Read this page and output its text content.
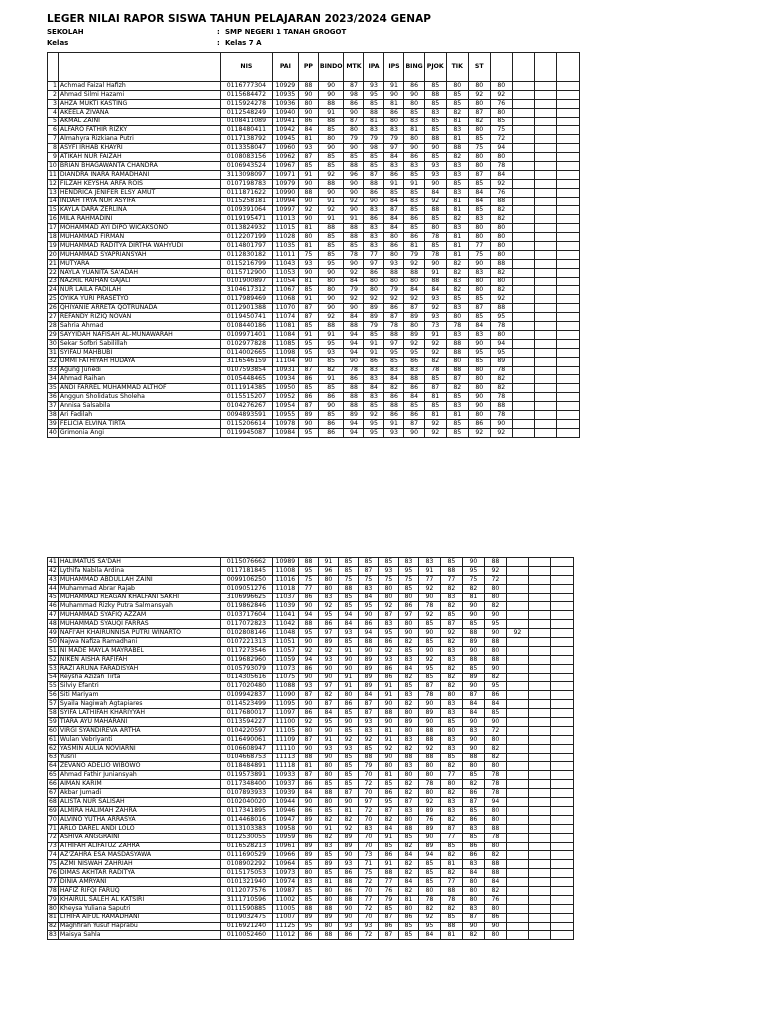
LEGER NILAI RAPOR SISWA TAHUN PELAJARAN 2023/2024 GENAP
SEKOLAH	: SMP NEGERI 1 TANAH GROGOT
Kelas	: Kelas 7 A
		NIS	PAI	PP	BINDO	MTK	IPA	IPS	BING	PJOK	TIK	ST				
1	Achmad Faizal Hafizh	0116777304	10929	88	90	87	93	91	86	85	80	80	80			
2	Ahmad Silmi Hazami	0115684472	10935	90	90	98	95	90	90	88	85	92	92			
3	AHZA MUKTI KASTING	0115924278	10936	80	88	86	85	81	80	85	85	80	76			
4	AKEELA ZIVANA	0112548249	10940	90	91	90	88	86	85	83	82	87	80			
5	AKMAL ZAINI	0108411089	10941	86	88	87	81	80	83	85	81	82	85			
6	ALFARO FATHIR RIZKY	0118480411	10942	84	85	80	83	83	81	85	83	80	75			
7	Almahyra Rizkiana Putri	0117138792	10945	81	80	79	79	79	80	88	81	85	72			
8	ASYFI IRHAB KHAYRI	0113358047	10960	93	90	90	98	97	90	90	88	75	94			
9	ATIKAH NUR FAIZAH	0108083156	10962	87	85	85	85	84	86	85	82	80	80			
10	BRIAN BHAGAWANTA CHANDRA	0106943524	10967	85	85	88	85	83	83	93	83	80	78			
11	DIANDRA INARA RAMADHANI	3113098097	10971	91	92	96	87	86	85	93	83	87	84			
12	FILZAH KEYSHA ARFA ROIS	0107198783	10979	90	88	90	88	91	91	90	85	85	92			
13	HENDRICA JENIFER ELSY AMUT	0111871622	10990	88	90	90	86	85	85	84	83	84	76			
14	INDAH TRYA NUR ASYIFA	0115258181	10994	90	91	92	90	84	83	92	81	84	88			
15	KAYLA DARA ZERLINA	0109391064	10997	92	92	90	83	87	85	88	81	85	82			
16	MILA RAHMADINI	0119195471	11013	90	91	91	86	84	86	85	82	83	82			
17	MOHAMMAD AYI DIPO WICAKSONO	0113824932	11015	81	88	88	83	84	85	80	83	80	80			
18	MUHAMMAD FIRMAN	0112207199	11028	80	85	88	83	80	86	78	81	80	80			
19	MUHAMMAD RADITYA DIRTHA WAHYUDI	0114801797	11035	81	85	85	83	86	81	85	81	77	80			
20	MUHAMMAD SYAPRIANSYAH	0112830182	11011	75	85	78	77	80	79	78	81	75	80			
21	MUTYARA	0115216799	11043	93	95	90	97	93	92	90	82	90	88			
22	NAYLA YUANITA SA'ADAH	0115712900	11053	90	90	92	86	88	88	91	82	83	82			
23	NAZRIL RAIHAN GAJALI	0101900897	11054	81	80	84	80	80	80	88	83	80	80			
24	NUR LAILA FADILAH	3104617312	11067	85	80	79	80	79	84	84	82	80	82			
25	OYIKA YURI PRASETYO	0117989469	11068	91	90	92	92	92	92	93	85	85	92			
26	QHIYANIE ARRETA QOTRUNADA	0112901388	11070	87	90	90	89	86	87	92	83	87	88			
27	REFANDY RIZIQ NOVAN	0119450741	11074	87	92	84	89	87	89	93	80	85	95			
28	Sahria Ahmad	0108440186	11081	85	88	88	79	78	80	73	78	84	78			
29	SAYYIDAH NAFISAH AL-MUNAWARAH	0109971401	11084	91	91	94	85	88	89	91	83	83	80			
30	Sekar Sofbri Sabilillah	0102977828	11085	95	95	94	91	97	92	92	88	90	94			
31	SYIFAU MAHBUBI	0114002665	11098	95	93	94	91	95	95	92	88	95	95			
32	UMMI FATHIYAH HUDAYA	3116546159	11104	90	85	90	86	85	86	82	80	85	89			
33	Agung Junedi	0107593854	10931	87	82	78	83	83	83	78	88	80	78			
34	Ahmad Raihan	0105448465	10934	86	91	86	83	84	88	85	87	80	82			
35	ANDI FARREL MUHAMMAD ALTHOF	0111914385	10950	85	85	88	84	82	86	87	82	80	82			
36	Anggun Sholidatus Sholeha	0115515207	10952	86	86	88	83	86	84	81	85	90	78			
37	Annisa Salsabila	0104276267	10954	87	90	88	85	88	85	85	83	90	88			
38	Ari Fadilah	0094893591	10955	89	85	89	92	86	86	81	81	80	78			
39	FELICIA ELVINA TIRTA	0115206614	10978	90	86	94	95	91	87	92	85	86	90			
40	Grimonia Angi	0119945087	10984	95	86	94	95	93	90	92	85	92	92			
41	HALIMATUS SA'DAH	0115076662	10989	88	91	85	85	85	83	83	85	90	88			
42	Lythifa Nabila Ardina	0117181845	11008	95	96	85	87	93	95	91	88	95	92			
43	MUHAMMAD ABDULLAH ZAINI	0099106250	11016	75	80	75	75	75	75	77	77	75	72			
44	Muhammad Abrar Rajab	0109051276	11018	77	80	88	83	80	85	92	82	82	80			
45	MUHAMMAD REAGAN KHALFANI SAKHI	3106996625	11037	86	83	85	84	80	80	90	83	81	80			
46	Muhammad Rizky Putra Salmansyah	0119862846	11039	90	92	85	95	92	86	78	82	90	82			
47	MUHAMMAD SYAFIQ AZZAM	0103717604	11041	94	95	94	90	87	97	92	85	90	90			
48	MUHAMMAD SYAUQI FARRAS	0117072823	11042	88	86	84	86	83	80	85	87	85	95			
49	NAFI'AH KHAIRUNNISA PUTRI WINARTO	0102808146	11048	95	97	93	94	95	90	90	92	88	90	92		
50	Najwa Nafiza Ramadhani	0107221313	11051	90	89	85	88	86	82	85	82	89	88			
51	NI MADE MAYLA MAYRABEL	0117273546	11057	92	92	91	90	92	85	90	83	90	80			
52	NIKEN AISHA RAFIFAH	0119682960	11059	94	93	90	89	93	83	92	83	88	88			
53	RAZI ARUNA FARADISYAH	0105793079	11073	86	90	90	89	86	84	95	82	85	90			
54	Reysha Azizah Tirta	0114305616	11075	90	90	91	89	86	82	85	82	89	82			
55	Silviy Efantri	0117020480	11088	93	97	91	89	91	85	87	82	90	95			
56	Siti Mariyam	0109942837	11090	87	82	80	84	91	83	78	80	87	86			
57	Syaila Nagiwah Agtapiares	0114523499	11095	90	87	86	87	90	82	90	83	84	84			
58	SYIFA LATHIFAH KHARIYYAH	0117680017	11097	86	84	85	87	88	80	89	83	84	85			
59	TIARA AYU MAHARANI	0113594227	11100	92	95	90	93	90	89	90	85	90	90			
60	VIRGI SYANDIREVA ARTHA	0104220597	11105	80	90	85	83	81	80	88	80	83	72			
61	Wulan Vebriyanti	0116490061	11109	87	91	92	92	91	83	88	83	90	80			
62	YASMIN AULIA NOVIARNI	0106608947	11110	90	93	93	85	92	82	92	83	90	82			
63	Yusril	0104668753	11113	88	90	85	88	90	88	88	85	88	82			
64	ZEVANO ADELIO WIBOWO	0118484891	11118	81	80	85	79	80	83	80	82	80	80			
65	Ahmad Fathir Juniansyah	0119573891	10933	87	80	85	70	81	80	80	77	85	78			
66	AIMAN KARIM	0117348400	10937	86	85	85	72	85	82	78	80	82	78			
67	Akbar Jumadi	0107893933	10939	84	88	87	70	86	82	80	82	86	78			
68	ALISTA NUR SALISAH	0102040020	10944	90	80	90	97	95	87	92	83	87	94			
69	ALMIRA HALIMAH ZAHRA	0117341895	10946	86	85	81	72	87	83	89	83	85	80			
70	ALVINO YUTHA ARRASYA	0114468016	10947	89	82	82	70	82	80	76	82	86	80			
71	ARLO DAREL ANDI LOLO	0113103383	10958	90	91	92	83	84	88	89	87	83	88			
72	ASHIVA ANGGRAINI	0112530055	10959	86	82	89	70	91	85	90	77	85	78			
73	ATHIFAH ALIFATUZ ZAHRA	0116528213	10961	89	83	89	70	85	82	89	85	86	80			
74	AZ'ZAHRA ESA MASDASYAWA	0111690529	10966	89	85	90	73	86	84	94	82	86	82			
75	AZMI NISWAH ZAHRIAH	0108902292	10964	85	89	93	71	91	82	85	81	83	88			
76	DIMAS AKHTAR RADITYA	0115175053	10973	80	85	86	75	88	82	85	82	84	88			
77	DINIA AMRYANI	0101321940	10974	83	81	88	72	77	84	85	77	80	84			
78	HAFIZ RIFQI FARUQ	0112077576	10987	85	80	86	70	76	82	80	88	80	82			
79	KHAIRUL SALEH AL KATSIRI	3111710596	11002	85	80	88	77	79	81	78	78	80	76			
80	Kheysa Yuliana Saputri	0111590885	11005	88	88	90	72	85	80	82	82	83	80			
81	LTHIFA AIFUL RAMADHANI	0119032475	11007	89	89	90	70	87	86	92	85	87	86			
82	Maghfirah Yusuf Haprabu	0116921240	11125	95	80	93	93	86	85	95	88	90	90			
83	Maisya Sahla	0110052460	11012	86	88	86	72	87	85	84	81	82	80			
